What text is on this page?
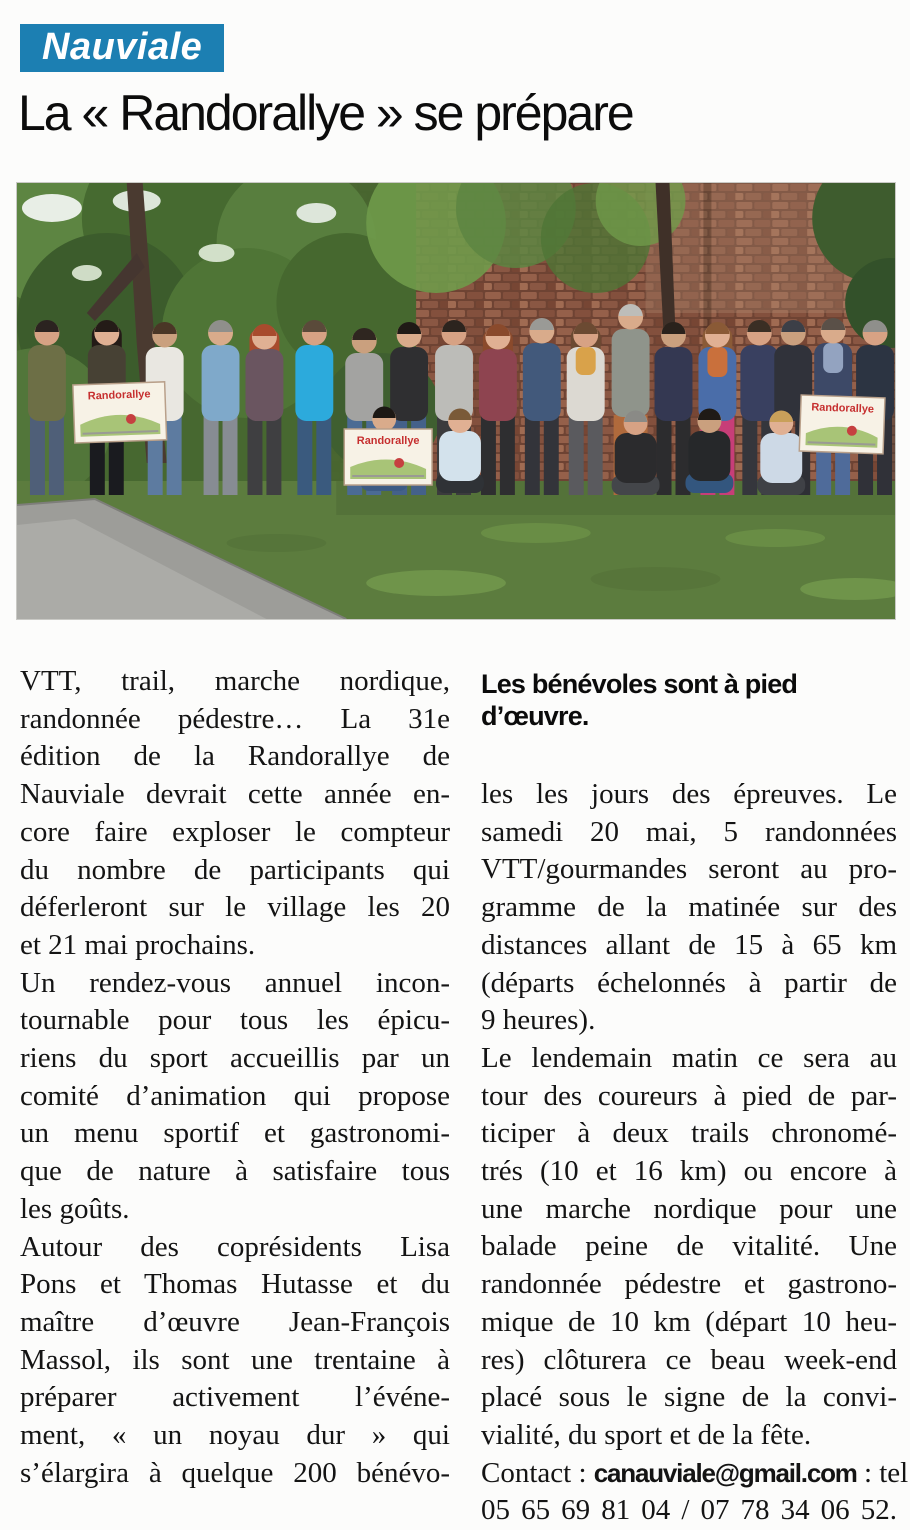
Nauviale
La « Randorallye » se prépare
Randorallye
Randorallye
Randorallye
VTT, trail, marche nordique,
randonnée pédestre… La 31e
édition de la Randorallye de
Nauviale devrait cette année en-
core faire exploser le compteur
du nombre de participants qui
déferleront sur le village les 20
et 21 mai prochains.
Un rendez-vous annuel incon-
tournable pour tous les épicu-
riens du sport accueillis par un
comité d’animation qui propose
un menu sportif et gastronomi-
que de nature à satisfaire tous
les goûts.
Autour des coprésidents Lisa
Pons et Thomas Hutasse et du
maître d’œuvre Jean-François
Massol, ils sont une trentaine à
préparer activement l’événe-
ment, « un noyau dur » qui
s’élargira à quelque 200 bénévo-
Les bénévoles sont à pied d’œuvre.
les les jours des épreuves. Le
samedi 20 mai, 5 randonnées
VTT/gourmandes seront au pro-
gramme de la matinée sur des
distances allant de 15 à 65 km
(départs échelonnés à partir de
9 heures).
Le lendemain matin ce sera au
tour des coureurs à pied de par-
ticiper à deux trails chronomé-
trés (10 et 16 km) ou encore à
une marche nordique pour une
balade peine de vitalité. Une
randonnée pédestre et gastrono-
mique de 10 km (départ 10 heu-
res) clôturera ce beau week-end
placé sous le signe de la convi-
vialité, du sport et de la fête.
Contact : canauviale@gmail.com : tel
05 65 69 81 04 / 07 78 34 06 52.
